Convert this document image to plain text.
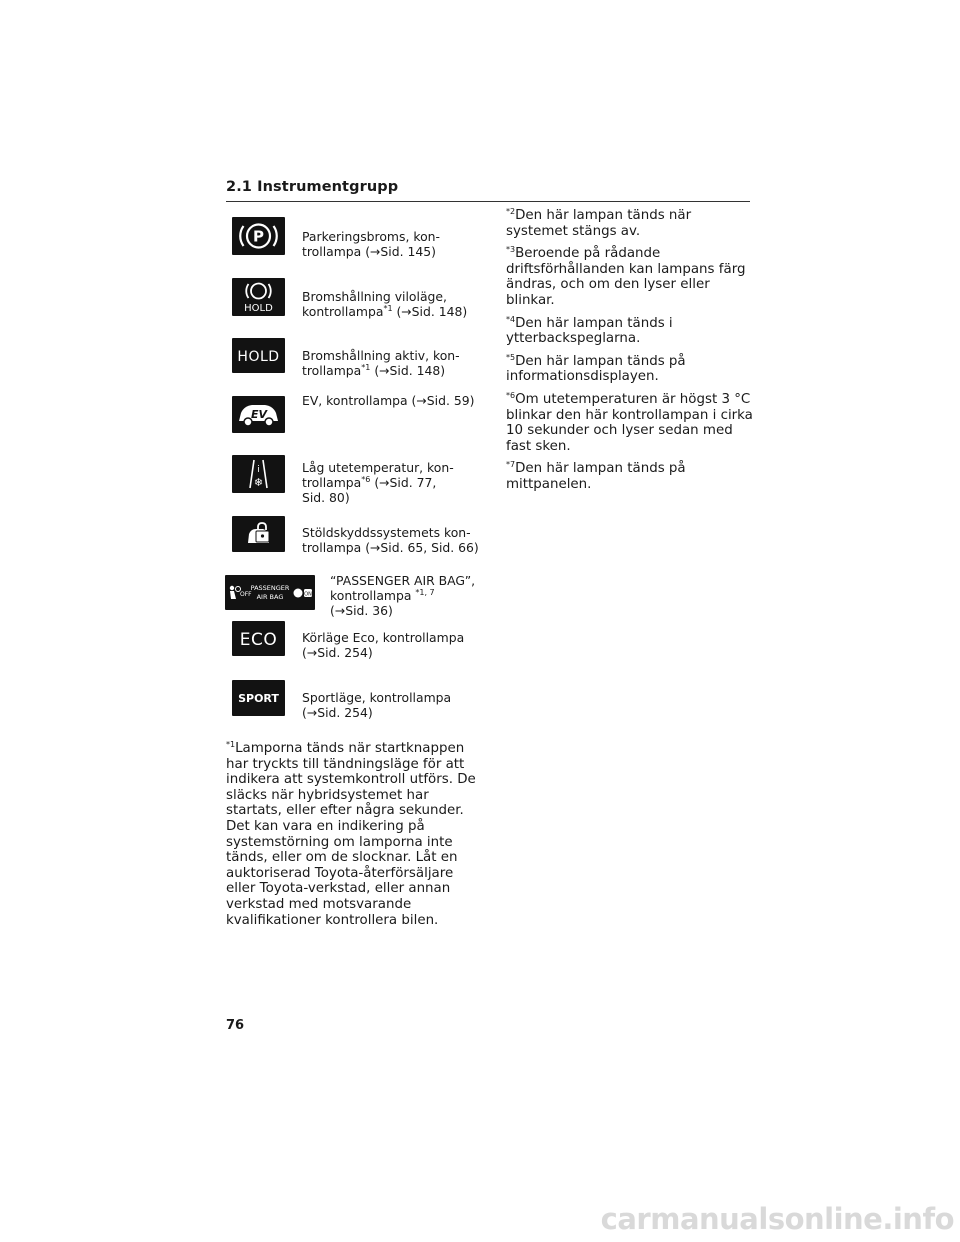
2.1 Instrumentgrupp
P	Parkeringsbroms, kon-
trollampa (→Sid. 145)
HOLD
Bromshållning viloläge,
kontrollampa$^{*1}$ (→Sid. 148)
HOLD Bromshållning aktiv, kon-
trollampa$^{*1}$ (→Sid. 148)
EV
EV, kontrollampa (→Sid. 59)
i
❄
Låg utetemperatur, kon-
trollampa$^{*6}$ (→Sid. 77,
Sid. 80)
Stöldskyddssystemets kon-
trollampa (→Sid. 65, Sid. 66)
OFF
PASSENGER
AIR BAG	ON
“PASSENGER AIR BAG”,
kontrollampa $^{*1, 7}$
(→Sid. 36)
ECO Körläge Eco, kontrollampa
(→Sid. 254)
SPORT Sportläge, kontrollampa
(→Sid. 254)
$^{*1}$Lamporna tänds när startknappen har tryckts till tändningsläge för att indikera att systemkontroll utförs. De släcks när hybridsystemet har startats, eller efter några sekunder. Det kan vara en indikering på systemstörning om lamporna inte tänds, eller om de slocknar. Låt en auktoriserad Toyota-återförsäljare eller Toyota-verkstad, eller annan verkstad med motsvarande kvalifikationer kontrollera bilen.

$^{*2}$Den här lampan tänds när systemet stängs av.

$^{*3}$Beroende på rådande driftsförhållanden kan lampans färg ändras, och om den lyser eller blinkar.

$^{*4}$Den här lampan tänds i ytterbackspeglarna.

$^{*5}$Den här lampan tänds på informationsdisplayen.

$^{*6}$Om utetemperaturen är högst 3 °C blinkar den här kontrollampan i cirka 10 sekunder och lyser sedan med fast sken.

$^{*7}$Den här lampan tänds på mittpanelen.

76
carmanualsonline.info
